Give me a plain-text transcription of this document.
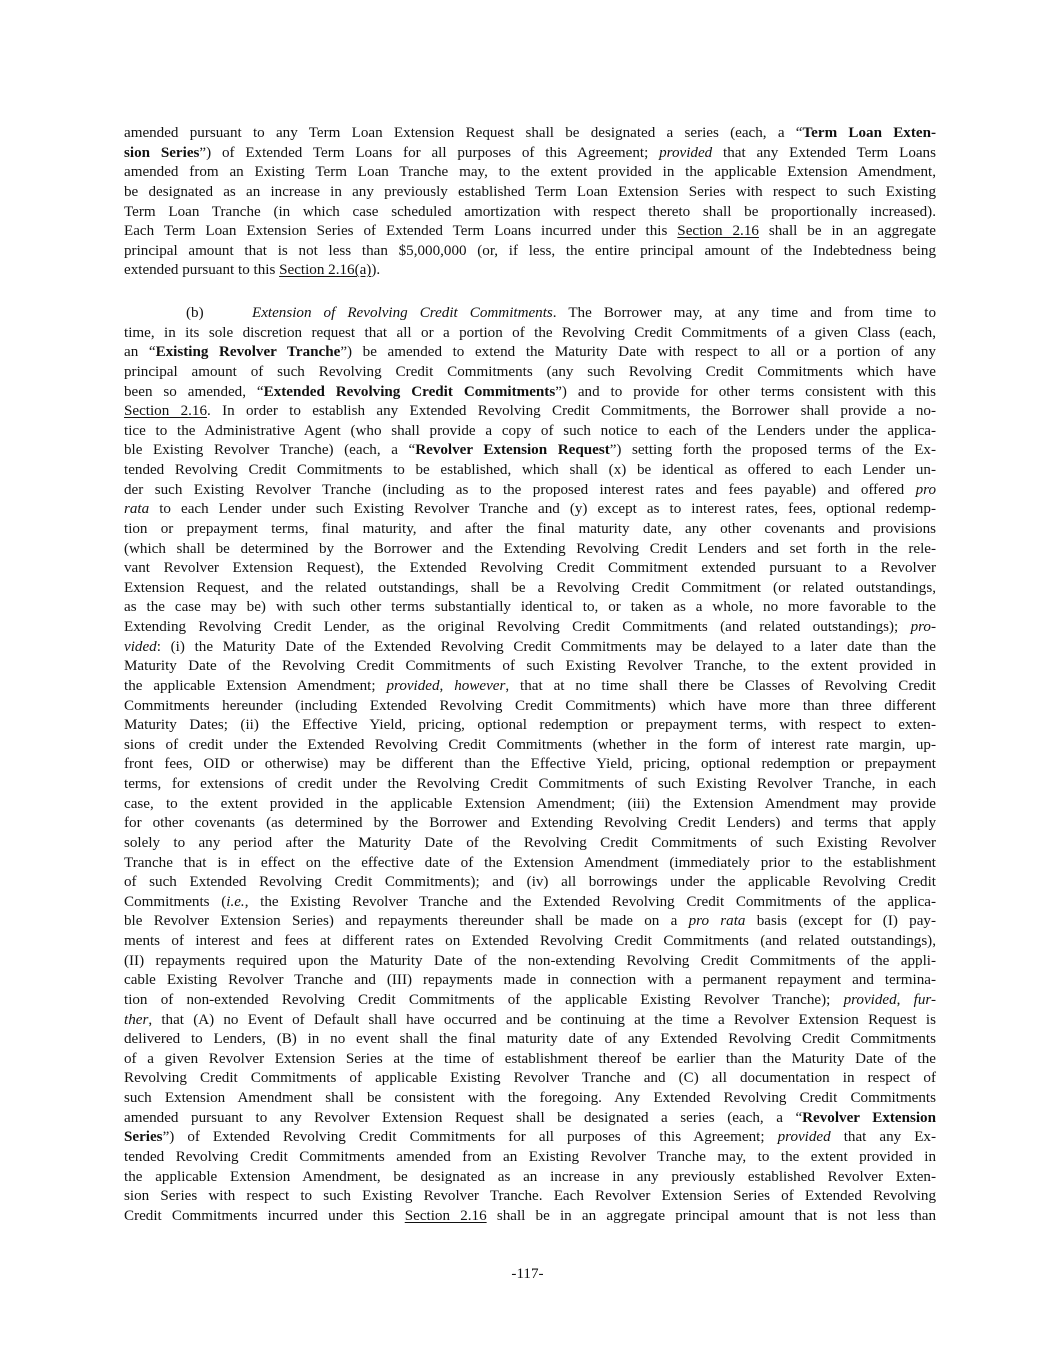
amended pursuant to any Term Loan Extension Request shall be designated a series (each, a “Term Loan Exten-
sion Series”) of Extended Term Loans for all purposes of this Agreement; provided that any Extended Term Loans
amended from an Existing Term Loan Tranche may, to the extent provided in the applicable Extension Amendment,
be designated as an increase in any previously established Term Loan Extension Series with respect to such Existing
Term Loan Tranche (in which case scheduled amortization with respect thereto shall be proportionally increased).
Each Term Loan Extension Series of Extended Term Loans incurred under this Section 2.16 shall be in an aggregate
principal amount that is not less than $5,000,000 (or, if less, the entire principal amount of the Indebtedness being
extended pursuant to this Section 2.16(a)).
(b)	Extension of Revolving Credit Commitments. The Borrower may, at any time and from time to
time, in its sole discretion request that all or a portion of the Revolving Credit Commitments of a given Class (each,
an “Existing Revolver Tranche”) be amended to extend the Maturity Date with respect to all or a portion of any
principal amount of such Revolving Credit Commitments (any such Revolving Credit Commitments which have
been so amended, “Extended Revolving Credit Commitments”) and to provide for other terms consistent with this
Section 2.16. In order to establish any Extended Revolving Credit Commitments, the Borrower shall provide a no-
tice to the Administrative Agent (who shall provide a copy of such notice to each of the Lenders under the applica-
ble Existing Revolver Tranche) (each, a “Revolver Extension Request”) setting forth the proposed terms of the Ex-
tended Revolving Credit Commitments to be established, which shall (x) be identical as offered to each Lender un-
der such Existing Revolver Tranche (including as to the proposed interest rates and fees payable) and offered pro
rata to each Lender under such Existing Revolver Tranche and (y) except as to interest rates, fees, optional redemp-
tion or prepayment terms, final maturity, and after the final maturity date, any other covenants and provisions
(which shall be determined by the Borrower and the Extending Revolving Credit Lenders and set forth in the rele-
vant Revolver Extension Request), the Extended Revolving Credit Commitment extended pursuant to a Revolver
Extension Request, and the related outstandings, shall be a Revolving Credit Commitment (or related outstandings,
as the case may be) with such other terms substantially identical to, or taken as a whole, no more favorable to the
Extending Revolving Credit Lender, as the original Revolving Credit Commitments (and related outstandings); pro-
vided: (i) the Maturity Date of the Extended Revolving Credit Commitments may be delayed to a later date than the
Maturity Date of the Revolving Credit Commitments of such Existing Revolver Tranche, to the extent provided in
the applicable Extension Amendment; provided, however, that at no time shall there be Classes of Revolving Credit
Commitments hereunder (including Extended Revolving Credit Commitments) which have more than three different
Maturity Dates; (ii) the Effective Yield, pricing, optional redemption or prepayment terms, with respect to exten-
sions of credit under the Extended Revolving Credit Commitments (whether in the form of interest rate margin, up-
front fees, OID or otherwise) may be different than the Effective Yield, pricing, optional redemption or prepayment
terms, for extensions of credit under the Revolving Credit Commitments of such Existing Revolver Tranche, in each
case, to the extent provided in the applicable Extension Amendment; (iii) the Extension Amendment may provide
for other covenants (as determined by the Borrower and Extending Revolving Credit Lenders) and terms that apply
solely to any period after the Maturity Date of the Revolving Credit Commitments of such Existing Revolver
Tranche that is in effect on the effective date of the Extension Amendment (immediately prior to the establishment
of such Extended Revolving Credit Commitments); and (iv) all borrowings under the applicable Revolving Credit
Commitments (i.e., the Existing Revolver Tranche and the Extended Revolving Credit Commitments of the applica-
ble Revolver Extension Series) and repayments thereunder shall be made on a pro rata basis (except for (I) pay-
ments of interest and fees at different rates on Extended Revolving Credit Commitments (and related outstandings),
(II) repayments required upon the Maturity Date of the non-extending Revolving Credit Commitments of the appli-
cable Existing Revolver Tranche and (III) repayments made in connection with a permanent repayment and termina-
tion of non-extended Revolving Credit Commitments of the applicable Existing Revolver Tranche); provided, fur-
ther, that (A) no Event of Default shall have occurred and be continuing at the time a Revolver Extension Request is
delivered to Lenders, (B) in no event shall the final maturity date of any Extended Revolving Credit Commitments
of a given Revolver Extension Series at the time of establishment thereof be earlier than the Maturity Date of the
Revolving Credit Commitments of applicable Existing Revolver Tranche and (C) all documentation in respect of
such Extension Amendment shall be consistent with the foregoing. Any Extended Revolving Credit Commitments
amended pursuant to any Revolver Extension Request shall be designated a series (each, a “Revolver Extension
Series”) of Extended Revolving Credit Commitments for all purposes of this Agreement; provided that any Ex-
tended Revolving Credit Commitments amended from an Existing Revolver Tranche may, to the extent provided in
the applicable Extension Amendment, be designated as an increase in any previously established Revolver Exten-
sion Series with respect to such Existing Revolver Tranche. Each Revolver Extension Series of Extended Revolving
Credit Commitments incurred under this Section 2.16 shall be in an aggregate principal amount that is not less than
-117-
